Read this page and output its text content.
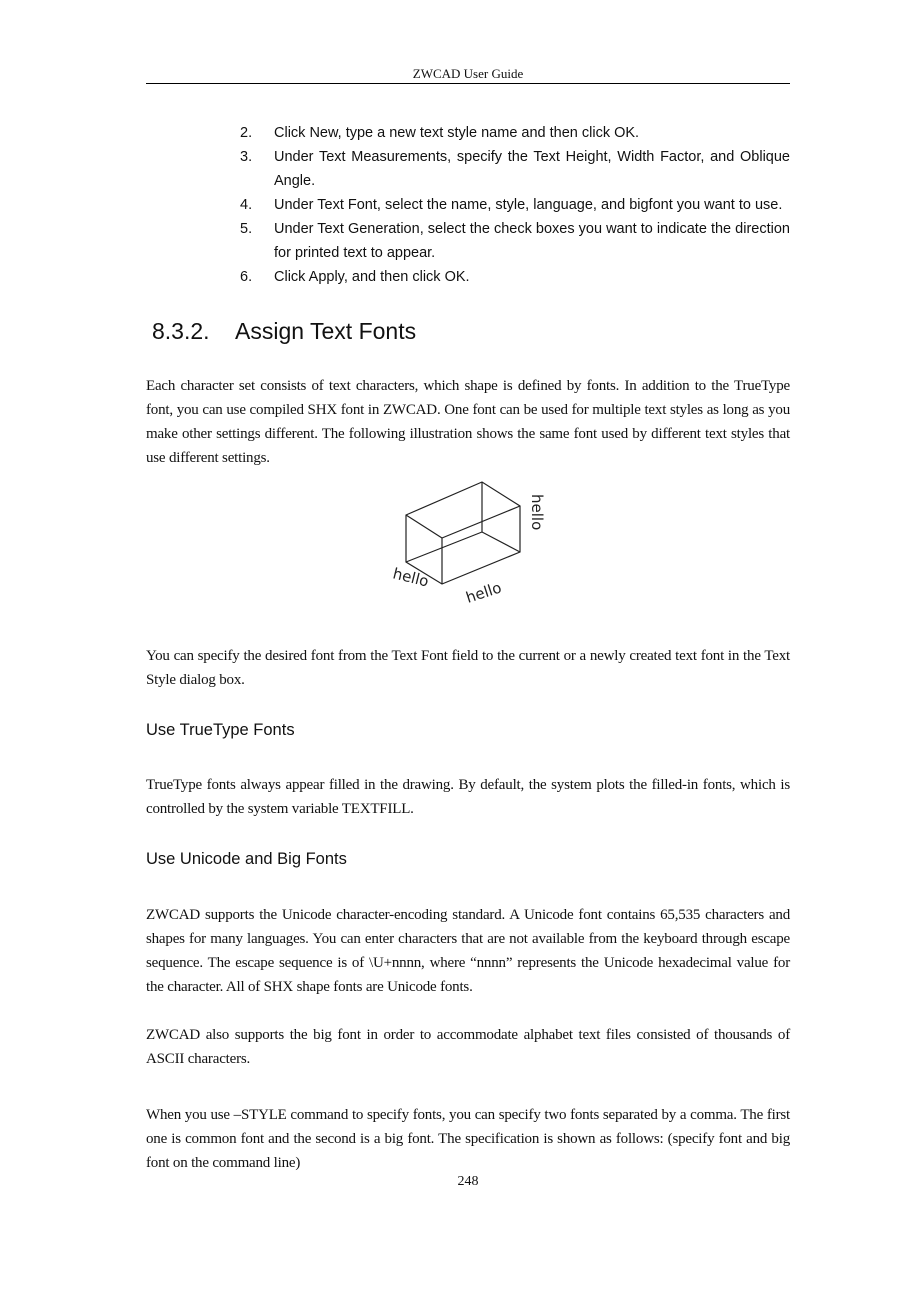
ZWCAD User Guide
2.	Click New, type a new text style name and then click OK.
3.	Under Text Measurements, specify the Text Height, Width Factor, and Oblique Angle.
4.	Under Text Font, select the name, style, language, and bigfont you want to use.
5.	Under Text Generation, select the check boxes you want to indicate the direction for printed text to appear.
6.	Click Apply, and then click OK.
8.3.2. Assign Text Fonts

Each character set consists of text characters, which shape is defined by fonts. In addition to the TrueType font, you can use compiled SHX font in ZWCAD. One font can be used for multiple text styles as long as you make other settings different. The following illustration shows the same font used by different text styles that use different settings.

hello
hello
hello

You can specify the desired font from the Text Font field to the current or a newly created text font in the Text Style dialog box.

Use TrueType Fonts

TrueType fonts always appear filled in the drawing. By default, the system plots the filled-in fonts, which is controlled by the system variable TEXTFILL.

Use Unicode and Big Fonts

ZWCAD supports the Unicode character-encoding standard. A Unicode font contains 65,535 characters and shapes for many languages. You can enter characters that are not available from the keyboard through escape sequence. The escape sequence is of \U+nnnn, where “nnnn” represents the Unicode hexadecimal value for the character. All of SHX shape fonts are Unicode fonts.

ZWCAD also supports the big font in order to accommodate alphabet text files consisted of thousands of ASCII characters.

When you use –STYLE command to specify fonts, you can specify two fonts separated by a comma. The first one is common font and the second is a big font. The specification is shown as follows: (specify font and big font on the command line)

248
